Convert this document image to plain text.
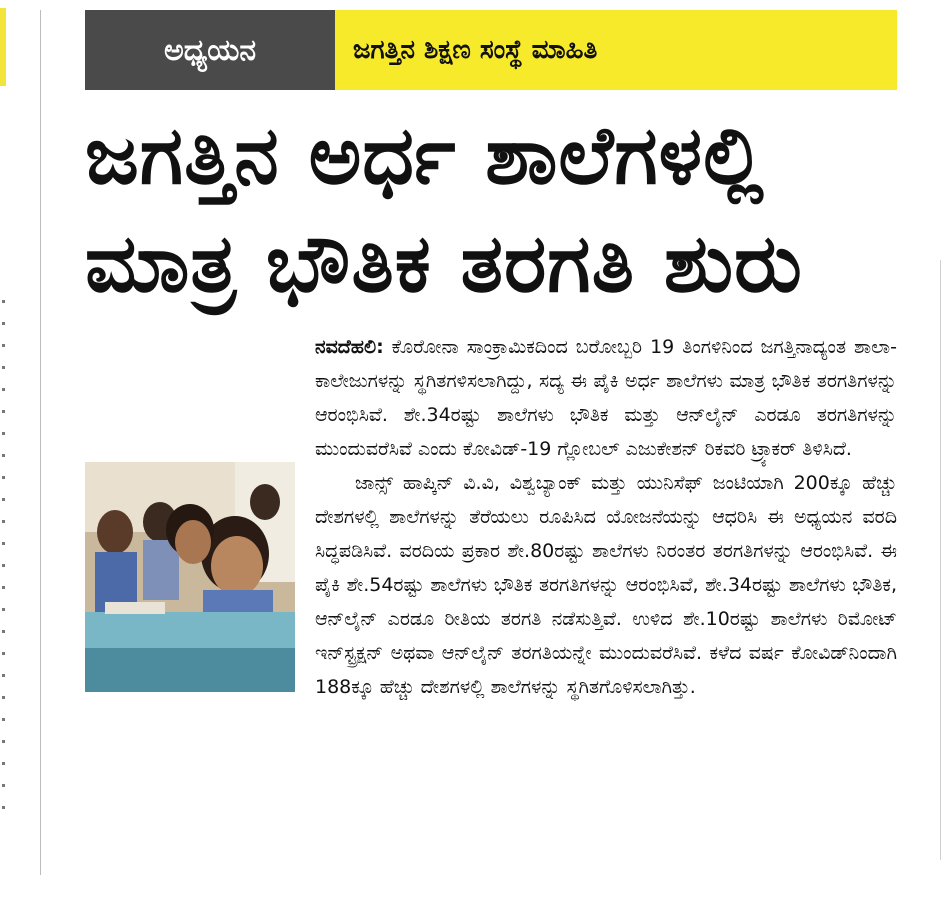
ಅಧ್ಯಯನ	ಜಗತ್ತಿನ ಶಿಕ್ಷಣ ಸಂಸ್ಥೆ ಮಾಹಿತಿ
ಜಗತ್ತಿನ ಅರ್ಧ ಶಾಲೆಗಳಲ್ಲಿ
ಮಾತ್ರ ಭೌತಿಕ ತರಗತಿ ಶುರು

ನವದೆಹಲಿ: ಕೊರೋನಾ ಸಾಂಕ್ರಾಮಿಕದಿಂದ ಬರೋಬ್ಬರಿ 19 ತಿಂಗಳಿನಿಂದ ಜಗತ್ತಿನಾದ್ಯಂತ ಶಾಲಾ-ಕಾಲೇಜುಗಳನ್ನು ಸ್ಥಗಿತಗಳಿಸಲಾಗಿದ್ದು, ಸದ್ಯ ಈ ಪೈಕಿ ಅರ್ಧ ಶಾಲೆಗಳು ಮಾತ್ರ ಭೌತಿಕ ತರಗತಿಗಳನ್ನು ಆರಂಭಿಸಿವೆ. ಶೇ.34ರಷ್ಟು ಶಾಲೆಗಳು ಭೌತಿಕ ಮತ್ತು ಆನ್‌ಲೈನ್ ಎರಡೂ ತರಗತಿಗಳನ್ನು ಮುಂದುವರೆಸಿವೆ ಎಂದು ಕೋವಿಡ್-19 ಗ್ಲೋಬಲ್ ಎಜುಕೇಶನ್ ರಿಕವರಿ ಟ್ರ್ಯಾಕರ್ ತಿಳಿಸಿದೆ.

ಜಾನ್ಸ್ ಹಾಪ್ಕಿನ್ ವಿ.ವಿ, ವಿಶ್ವಬ್ಯಾಂಕ್ ಮತ್ತು ಯುನಿಸೆಫ್ ಜಂಟಿಯಾಗಿ 200ಕ್ಕೂ ಹೆಚ್ಚು ದೇಶಗಳಲ್ಲಿ ಶಾಲೆಗಳನ್ನು ತೆರೆಯಲು ರೂಪಿಸಿದ ಯೋಜನೆಯನ್ನು ಆಧರಿಸಿ ಈ ಅಧ್ಯಯನ ವರದಿ ಸಿದ್ಧಪಡಿಸಿವೆ. ವರದಿಯ ಪ್ರಕಾರ ಶೇ.80ರಷ್ಟು ಶಾಲೆಗಳು ನಿರಂತರ ತರಗತಿಗಳನ್ನು ಆರಂಭಿಸಿವೆ. ಈ ಪೈಕಿ ಶೇ.54ರಷ್ಟು ಶಾಲೆಗಳು ಭೌತಿಕ ತರಗತಿಗಳನ್ನು ಆರಂಭಿಸಿವೆ, ಶೇ.34ರಷ್ಟು ಶಾಲೆಗಳು ಭೌತಿಕ, ಆನ್‌ಲೈನ್ ಎರಡೂ ರೀತಿಯ ತರಗತಿ ನಡೆಸುತ್ತಿವೆ. ಉಳಿದ ಶೇ.10ರಷ್ಟು ಶಾಲೆಗಳು ರಿಮೋಟ್ ಇನ್‌ಸ್ಟ್ರಕ್ಷನ್ ಅಥವಾ ಆನ್‌ಲೈನ್ ತರಗತಿಯನ್ನೇ ಮುಂದುವರೆಸಿವೆ. ಕಳೆದ ವರ್ಷ ಕೋವಿಡ್‌ನಿಂದಾಗಿ 188ಕ್ಕೂ ಹೆಚ್ಚು ದೇಶಗಳಲ್ಲಿ ಶಾಲೆಗಳನ್ನು ಸ್ಥಗಿತಗೊಳಿಸಲಾಗಿತ್ತು.
